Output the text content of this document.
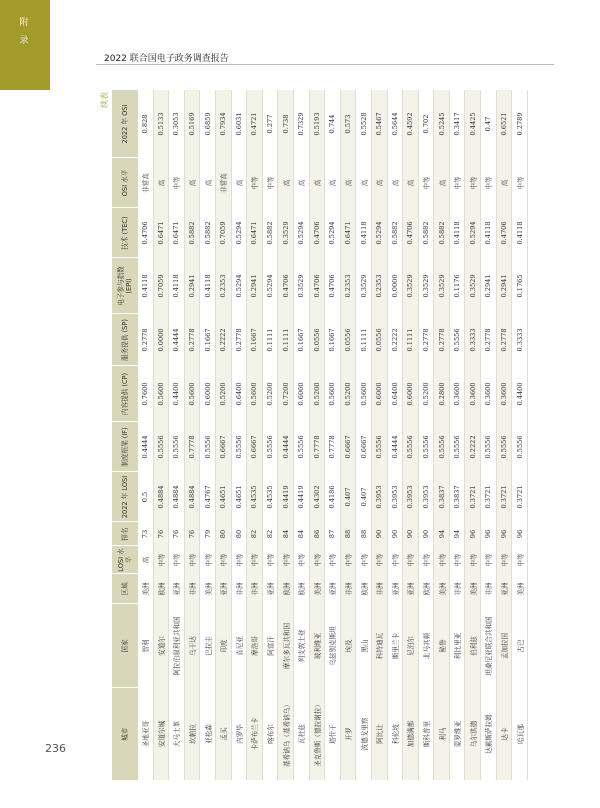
附录
2022 联合国电子政务调查报告
续表
城市	国家	区域	LOSI 水平	排名	2022 年 LOSI	制度框架 (IF)	内容提供 (CP)	服务提供 (SP)	电子参与指数 (EPI)	技术 (TEC)	OSI 水平	2022 年 OSI
圣地亚哥	智利	美洲	高	73	0.5	0.4444	0.7600	0.2778	0.4118	0.4706	非常高	0.828
安道尔城	安道尔	欧洲	中等	76	0.4884	0.5556	0.5600	0.0000	0.7059	0.6471	高	0.5133
大马士革	阿拉伯叙利亚共和国	亚洲	中等	76	0.4884	0.5556	0.4400	0.4444	0.4118	0.6471	中等	0.3053
坎帕拉	乌干达	非洲	中等	76	0.4884	0.7778	0.5600	0.2778	0.2941	0.5882	高	0.5169
亚松森	巴拉圭	美洲	中等	79	0.4767	0.5556	0.6000	0.1667	0.4118	0.5882	高	0.6859
孟买	印度	亚洲	中等	80	0.4651	0.6667	0.5200	0.2222	0.2353	0.7059	非常高	0.7934
内罗毕	肯尼亚	非洲	中等	80	0.4651	0.5556	0.6400	0.2778	0.5294	0.5294	高	0.6031
卡萨布兰卡	摩洛哥	非洲	中等	82	0.4535	0.6667	0.5600	0.1667	0.2941	0.6471	中等	0.4721
喀布尔	阿富汗	亚洲	中等	82	0.4535	0.5556	0.5200	0.1111	0.5294	0.5882	中等	0.277
基希讷乌（基希讷乌）	摩尔多瓦共和国	欧洲	中等	84	0.4419	0.4444	0.7200	0.1111	0.4706	0.3529	高	0.738
瓦杜兹	列支敦士登	欧洲	中等	84	0.4419	0.5556	0.6000	0.1667	0.3529	0.5294	高	0.7329
圣克鲁斯（德拉谢拉）	玻利维亚	美洲	中等	86	0.4302	0.7778	0.5200	0.0556	0.4706	0.4706	高	0.5193
塔什干	乌兹别克斯坦	亚洲	中等	87	0.4186	0.7778	0.5600	0.1667	0.4706	0.5294	高	0.744
开罗	埃及	非洲	中等	88	0.407	0.6667	0.5200	0.0556	0.2353	0.6471	高	0.573
波德戈里察	黑山	欧洲	中等	88	0.407	0.6667	0.5600	0.1111	0.3529	0.4118	高	0.5528
阿比让	科特迪瓦	非洲	中等	90	0.3953	0.5556	0.6000	0.0556	0.2353	0.5294	高	0.5467
科伦坡	斯里兰卡	亚洲	中等	90	0.3953	0.4444	0.6400	0.2222	0.0000	0.5882	高	0.5644
加德满都	尼泊尔	亚洲	中等	90	0.3953	0.5556	0.6000	0.1111	0.3529	0.4706	高	0.4592
斯科普里	北马其顿	欧洲	中等	90	0.3953	0.5556	0.5200	0.2778	0.3529	0.5882	中等	0.702
利马	秘鲁	美洲	中等	94	0.3837	0.5556	0.2800	0.2778	0.3529	0.5882	高	0.5245
蒙罗维亚	利比里亚	非洲	中等	94	0.3837	0.5556	0.3600	0.5556	0.1176	0.4118	中等	0.3417
乌尔洪德	伯利兹	美洲	中等	96	0.3721	0.2222	0.3600	0.3333	0.3529	0.5294	中等	0.4425
达累斯萨拉姆	坦桑尼亚联合共和国	非洲	中等	96	0.3721	0.5556	0.3600	0.2778	0.2941	0.4118	中等	0.47
达卡	孟加拉国	亚洲	中等	96	0.3721	0.5556	0.3600	0.2778	0.2941	0.4706	高	0.6521
哈瓦那	古巴	美洲	中等	96	0.3721	0.5556	0.4400	0.3333	0.1765	0.4118	中等	0.2789
236
